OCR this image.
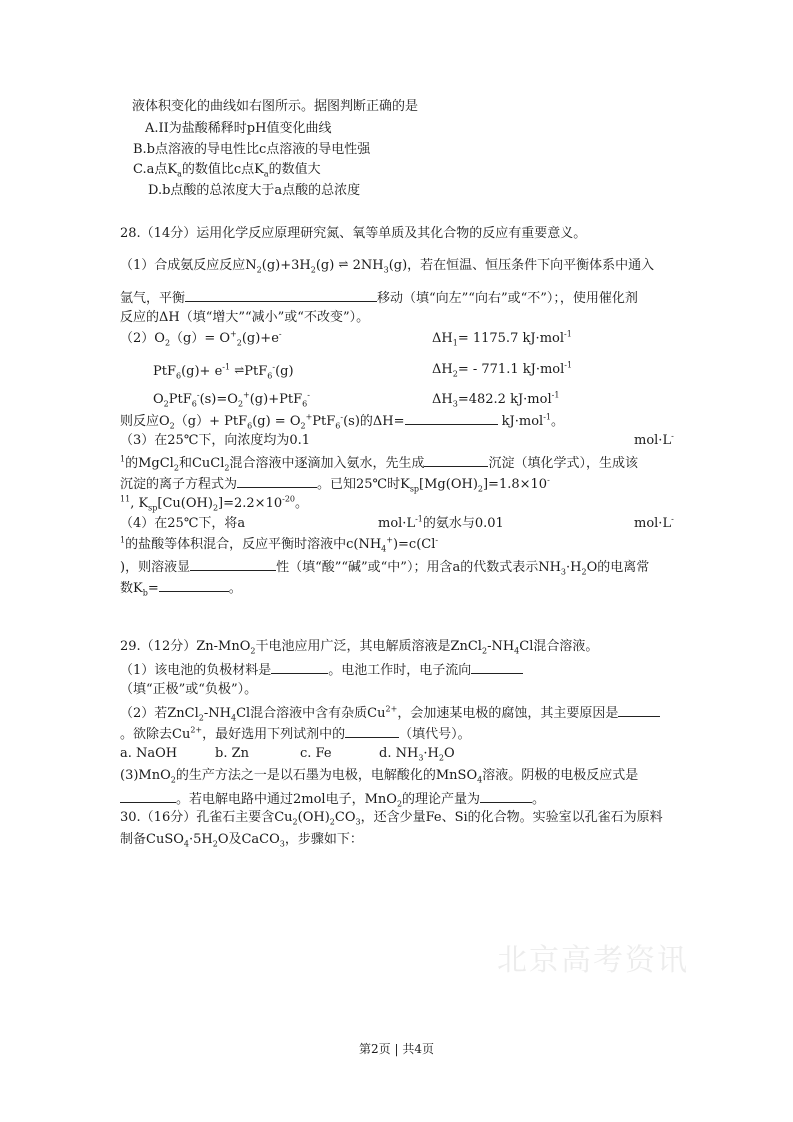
液体积变化的曲线如右图所示。据图判断正确的是
A.II为盐酸稀释时pH值变化曲线
B.b点溶液的导电性比c点溶液的导电性强
C.a点$K_a$的数值比c点$K_a$的数值大
D.b点酸的总浓度大于a点酸的总浓度
28.（14分）运用化学反应原理研究氮、氧等单质及其化合物的反应有重要意义。
（1）合成氨反应反应$N_2(g)+3H_2(g)$ ⇌ $2NH_3(g)$，若在恒温、恒压条件下向平衡体系中通入
氩气，平衡	移动（填“向左”“向右”或“不”）；，使用催化剂
反应的ΔH（填“增大”“减小”或“不改变”）。
$(2)O_2(g)= O^+_2(g)+e^-$	$\Delta H_1= 1175.7$ kJ·mol$^{-1}$
$PtF_6(g)+ e^{-1}$ ⇌PtF$_6$-(g)	$\Delta H_2= - 771.1$ kJ·mol$^{-1}$
$O_2PtF_6^-(s)=O_2^+(g)+PtF_6^-$	$\Delta H_3=482.2$ kJ·mol$^{-1}$
则反应$O_2(g)+ PtF_6(g) = O_2^+PtF_6^-(s)$的ΔH=	kJ·mol$^{-1}$。
（3）在25℃下，向浓度均为0.1	mol·L-
$^1$的MgCl$_2$和CuCl$_2$混合溶液中逐滴加入氨水，先生成	沉淀（填化学式），生成该
沉淀的离子方程式为	。已知25℃时$K_{sp}[Mg(OH)_2]=1.8\times 10^-$
$^{11}$, $K_{sp}[Cu(OH)_2]=2.2\times 10^{-20}$。
（4）在25℃下，将a	$mol\cdot L^{-1}$的氨水与0.01	mol·L-
$^1$的盐酸等体积混合，反应平衡时溶液中$c(NH_4^+)=c(Cl^-$
)，则溶液显	性（填“酸”“碱”或“中”）；用含a的代数式表示$NH_3\cdot H_2O$的电离常
数$K_b=$	。
29.（12分）Zn-MnO$_2$干电池应用广泛，其电解质溶液是$ZnCl_2-NH_4Cl$混合溶液。
（1）该电池的负极材料是	。电池工作时，电子流向
（填“正极”或“负极”）。
（2）若$ZnCl_2-NH_4Cl$混合溶液中含有杂质$Cu^{2+}$，会加速某电极的腐蚀，其主要原因是
。欲除去$Cu^{2+}$，最好选用下列试剂中的	（填代号）。
a. NaOH	b. Zn	c. Fe	d. $NH_3\cdot H_2O$
(3)MnO$_2$的生产方法之一是以石墨为电极，电解酸化的MnSO$_4$溶液。阴极的电极反应式是
。若电解电路中通过2mol电子，MnO$_2$的理论产量为	。
30.（16分）孔雀石主要含$Cu_2(OH)_2CO_3$，还含少量Fe、Si的化合物。实验室以孔雀石为原料
制备$CuSO_4\cdot 5H_2O$及CaCO$_3$，步骤如下：
北京高考资讯
第2页 | 共4页
